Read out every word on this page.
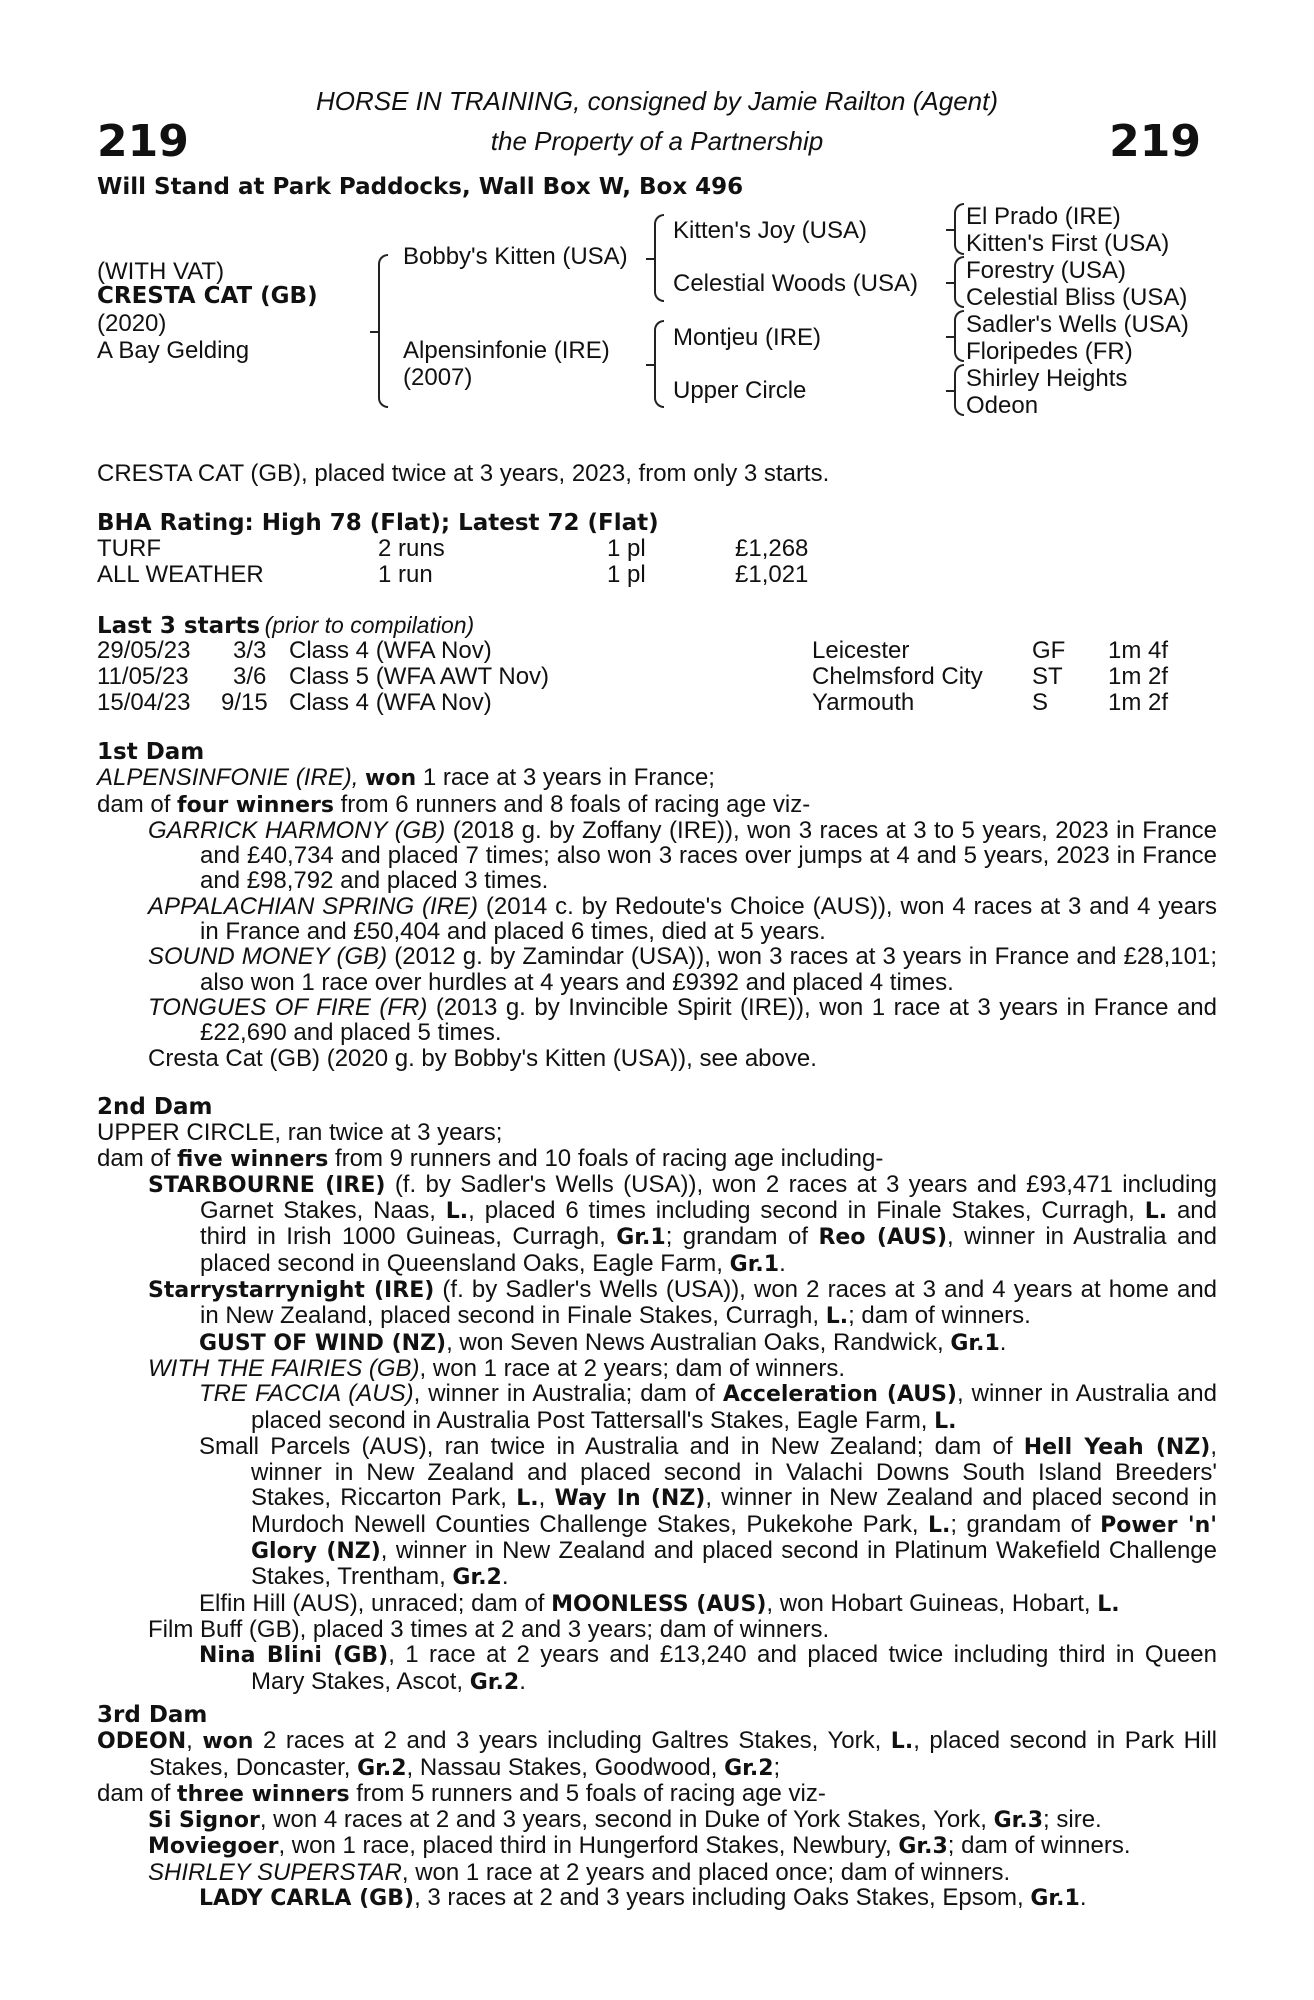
219	219
HORSE IN TRAINING, consigned by Jamie Railton (Agent)
the Property of a Partnership
Will Stand at Park Paddocks, Wall Box W, Box 496
(WITH VAT)
CRESTA CAT (GB)
(2020)
A Bay Gelding
Bobby's Kitten (USA)
Alpensinfonie (IRE)
(2007)
Kitten's Joy (USA)
Celestial Woods (USA)
Montjeu (IRE)
Upper Circle
El Prado (IRE)
Kitten's First (USA)
Forestry (USA)
Celestial Bliss (USA)
Sadler's Wells (USA)
Floripedes (FR)
Shirley Heights
Odeon
CRESTA CAT (GB), placed twice at 3 years, 2023, from only 3 starts.
BHA Rating: High 78 (Flat); Latest 72 (Flat)
TURF	2 runs	1 pl	£1,268
ALL WEATHER	1 run	1 pl	£1,021
Last 3 starts (prior to compilation)
29/05/23 3/3 Class 4 (WFA Nov)	Leicester	GF 1m 4f
11/05/23 3/6 Class 5 (WFA AWT Nov)	Chelmsford City ST 1m 2f
15/04/23 9/15 Class 4 (WFA Nov)	Yarmouth	S 1m 2f

1st Dam

ALPENSINFONIE (IRE), won 1 race at 3 years in France;

dam of four winners from 6 runners and 8 foals of racing age viz-

GARRICK HARMONY (GB) (2018 g. by Zoffany (IRE)), won 3 races at 3 to 5 years, 2023 in France and £40,734 and placed 7 times; also won 3 races over jumps at 4 and 5 years, 2023 in France and £98,792 and placed 3 times.

APPALACHIAN SPRING (IRE) (2014 c. by Redoute's Choice (AUS)), won 4 races at 3 and 4 years in France and £50,404 and placed 6 times, died at 5 years.

SOUND MONEY (GB) (2012 g. by Zamindar (USA)), won 3 races at 3 years in France and £28,101; also won 1 race over hurdles at 4 years and £9392 and placed 4 times.

TONGUES OF FIRE (FR) (2013 g. by Invincible Spirit (IRE)), won 1 race at 3 years in France and £22,690 and placed 5 times.

Cresta Cat (GB) (2020 g. by Bobby's Kitten (USA)), see above.

2nd Dam

UPPER CIRCLE, ran twice at 3 years;

dam of five winners from 9 runners and 10 foals of racing age including-

STARBOURNE (IRE) (f. by Sadler's Wells (USA)), won 2 races at 3 years and £93,471 including Garnet Stakes, Naas, L., placed 6 times including second in Finale Stakes, Curragh, L. and third in Irish 1000 Guineas, Curragh, Gr.1; grandam of Reo (AUS), winner in Australia and placed second in Queensland Oaks, Eagle Farm, Gr.1.

Starrystarrynight (IRE) (f. by Sadler's Wells (USA)), won 2 races at 3 and 4 years at home and in New Zealand, placed second in Finale Stakes, Curragh, L.; dam of winners.

GUST OF WIND (NZ), won Seven News Australian Oaks, Randwick, Gr.1.

WITH THE FAIRIES (GB), won 1 race at 2 years; dam of winners.

TRE FACCIA (AUS), winner in Australia; dam of Acceleration (AUS), winner in Australia and placed second in Australia Post Tattersall's Stakes, Eagle Farm, L.

Small Parcels (AUS), ran twice in Australia and in New Zealand; dam of Hell Yeah (NZ), winner in New Zealand and placed second in Valachi Downs South Island Breeders' Stakes, Riccarton Park, L., Way In (NZ), winner in New Zealand and placed second in Murdoch Newell Counties Challenge Stakes, Pukekohe Park, L.; grandam of Power 'n' Glory (NZ), winner in New Zealand and placed second in Platinum Wakefield Challenge Stakes, Trentham, Gr.2.

Elfin Hill (AUS), unraced; dam of MOONLESS (AUS), won Hobart Guineas, Hobart, L.

Film Buff (GB), placed 3 times at 2 and 3 years; dam of winners.

Nina Blini (GB), 1 race at 2 years and £13,240 and placed twice including third in Queen Mary Stakes, Ascot, Gr.2.

3rd Dam

ODEON, won 2 races at 2 and 3 years including Galtres Stakes, York, L., placed second in Park Hill Stakes, Doncaster, Gr.2, Nassau Stakes, Goodwood, Gr.2;

dam of three winners from 5 runners and 5 foals of racing age viz-

Si Signor, won 4 races at 2 and 3 years, second in Duke of York Stakes, York, Gr.3; sire.

Moviegoer, won 1 race, placed third in Hungerford Stakes, Newbury, Gr.3; dam of winners.

SHIRLEY SUPERSTAR, won 1 race at 2 years and placed once; dam of winners.

LADY CARLA (GB), 3 races at 2 and 3 years including Oaks Stakes, Epsom, Gr.1.
